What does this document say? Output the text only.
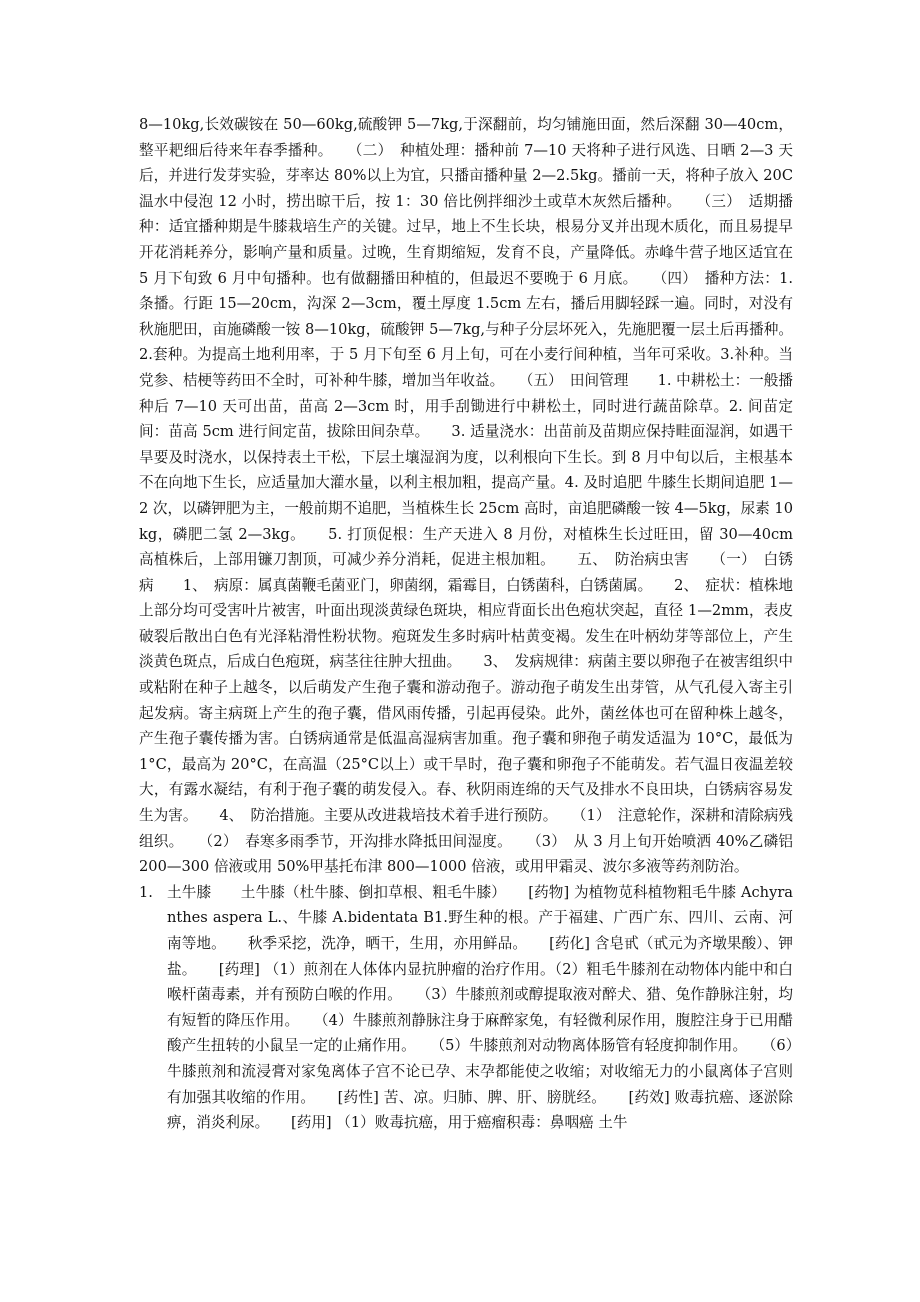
8—10kg,长效碳铵在 50—60kg,硫酸钾 5—7kg,于深翻前，均匀铺施田面，然后深翻 30—40cm，整平耙细后待来年春季播种。　　（二）　种植处理：播种前 7—10 天将种子进行风选、日晒 2—3 天后，并进行发芽实验，芽率达 80%以上为宜，只播亩播种量 2—2.5kg。播前一天，将种子放入 20C 温水中侵泡 12 小时，捞出晾干后，按 1：30 倍比例拌细沙土或草木灰然后播种。　　（三）　适期播种：适宜播种期是牛膝栽培生产的关键。过早，地上不生长块，根易分叉并出现木质化，而且易提早开花消耗养分，影响产量和质量。过晚，生育期缩短，发育不良，产量降低。赤峰牛营子地区适宜在 5 月下旬致 6 月中旬播种。也有做翻播田种植的，但最迟不要晚于 6 月底。　　（四）　播种方法：1.条播。行距 15—20cm，沟深 2—3cm，覆土厚度 1.5cm 左右，播后用脚轻踩一遍。同时，对没有秋施肥田，亩施磷酸一铵 8—10kg，硫酸钾 5—7kg,与种子分层坏死入，先施肥覆一层土后再播种。2.套种。为提高土地利用率，于 5 月下旬至 6 月上旬，可在小麦行间种植，当年可采收。3.补种。当党参、桔梗等药田不全时，可补种牛膝，增加当年收益。　　（五）　田间管理　　1. 中耕松土：一般播种后 7—10 天可出苗，苗高 2—3cm 时，用手刮锄进行中耕松土，同时进行蔬苗除草。2. 间苗定间：苗高 5cm 进行间定苗，拔除田间杂草。　　3. 适量浇水：出苗前及苗期应保持畦面湿润，如遇干旱要及时浇水，以保持表土干松，下层土壤湿润为度，以利根向下生长。到 8 月中旬以后，主根基本不在向地下生长，应适量加大灌水量，以利主根加粗，提高产量。4. 及时追肥 牛膝生长期间追肥 1—2 次，以磷钾肥为主，一般前期不追肥，当植株生长 25cm 高时，亩追肥磷酸一铵 4—5kg，尿素 10kg，磷肥二氢 2—3kg。　　5. 打顶促根：生产天进入 8 月份，对植株生长过旺田，留 30—40cm 高植株后，上部用镰刀割顶，可减少养分消耗，促进主根加粗。　　五、　防治病虫害　　（一）　白锈病　　1、　病原：属真菌鞭毛菌亚门，卵菌纲，霜霉目，白锈菌科，白锈菌属。　　2、　症状：植株地上部分均可受害叶片被害，叶面出现淡黄绿色斑块，相应背面长出色疱状突起，直径 1—2mm，表皮破裂后散出白色有光泽粘滑性粉状物。疱斑发生多时病叶枯黄变褐。发生在叶柄幼芽等部位上，产生淡黄色斑点，后成白色疱斑，病茎往往肿大扭曲。　　3、　发病规律：病菌主要以卵孢子在被害组织中或粘附在种子上越冬，以后萌发产生孢子囊和游动孢子。游动孢子萌发生出芽管，从气孔侵入寄主引起发病。寄主病斑上产生的孢子囊，借风雨传播，引起再侵染。此外，菌丝体也可在留种株上越冬，产生孢子囊传播为害。白锈病通常是低温高湿病害加重。孢子囊和卵孢子萌发适温为 10°C，最低为 1°C，最高为 20°C，在高温（25°C以上）或干旱时，孢子囊和卵孢子不能萌发。若气温日夜温差较大，有露水凝结，有利于孢子囊的萌发侵入。春、秋阴雨连绵的天气及排水不良田块，白锈病容易发生为害。　　4、　防治措施。主要从改进栽培技术着手进行预防。　　（1）　注意轮作，深耕和清除病残组织。　　（2）　春寒多雨季节，开沟排水降抵田间湿度。　　（3）　从 3 月上旬开始喷洒 40%乙磷铝 200—300 倍液或用 50%甲基托布津 800—1000 倍液，或用甲霜灵、波尔多液等药剂防治。

1. 土牛膝　　土牛膝（杜牛膝、倒扣草根、粗毛牛膝）　　[药物] 为植物苋科植物粗毛牛膝 Achyranthes aspera L.、牛膝 A.bidentata B1.野生种的根。产于福建、广西广东、四川、云南、河南等地。　　秋季采挖，洗净，晒干，生用，亦用鲜品。　　[药化] 含皂甙（甙元为齐墩果酸）、钾盐。　　[药理] （1）煎剂在人体体内显抗肿瘤的治疗作用。（2）粗毛牛膝剂在动物体内能中和白喉杆菌毒素，并有预防白喉的作用。　　（3）牛膝煎剂或醇提取液对醉犬、猎、兔作静脉注射，均有短暂的降压作用。　　（4）牛膝煎剂静脉注身于麻醉家兔，有轻微利尿作用，腹腔注身于已用醋酸产生扭转的小鼠呈一定的止痛作用。　　（5）牛膝煎剂对动物离体肠管有轻度抑制作用。　　（6）牛膝煎剂和流浸膏对家兔离体子宫不论已孕、末孕都能使之收缩；对收缩无力的小鼠离体子宫则有加强其收缩的作用。　　[药性] 苦、凉。归肺、脾、肝、膀胱经。　　[药效] 败毒抗癌、逐淤除痹，消炎利尿。　　[药用] （1）败毒抗癌，用于癌瘤积毒：鼻咽癌 土牛
